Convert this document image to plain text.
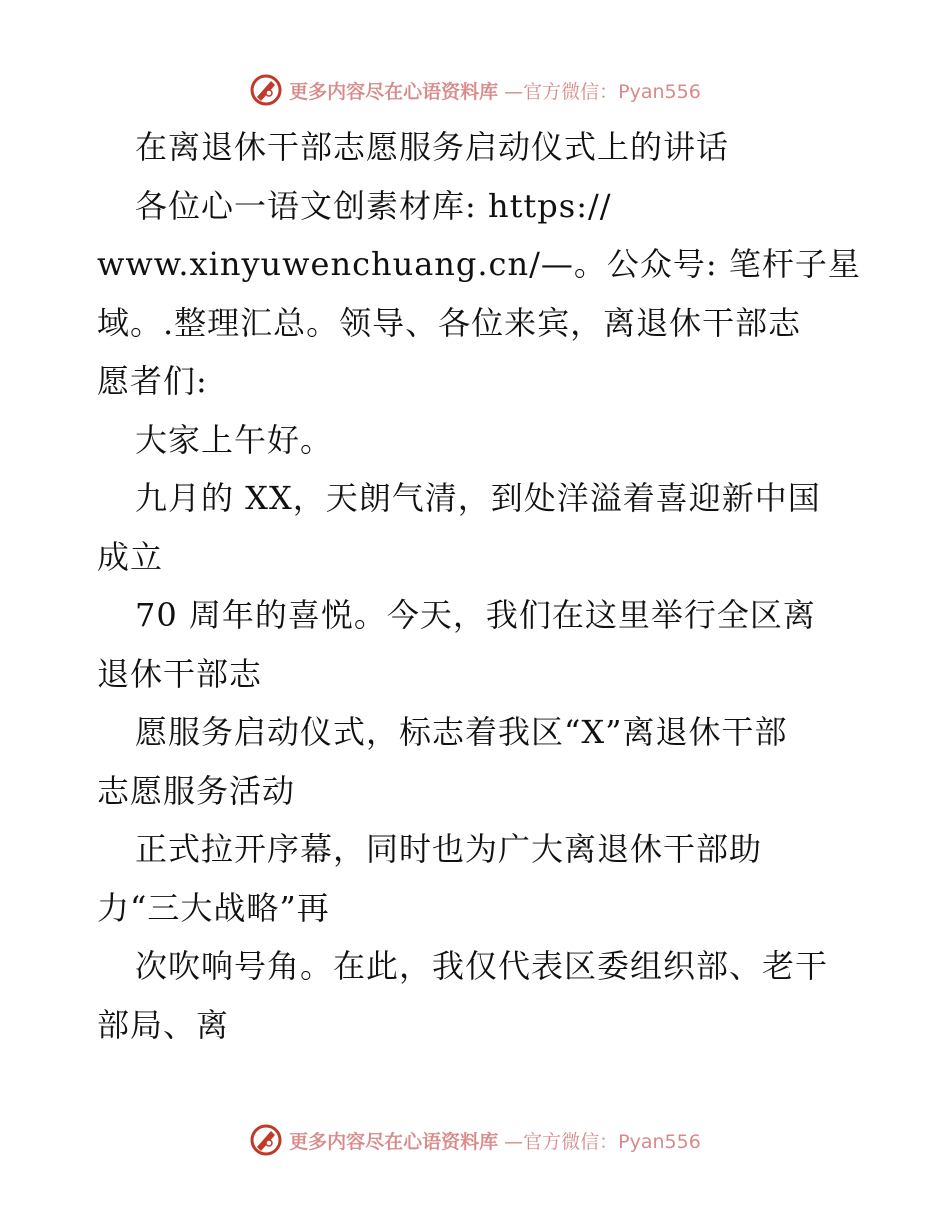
更多内容尽在心语资料库 —官方微信：Pyan556
在离退休干部志愿服务启动仪式上的讲话
各位心一语文创素材库: https://
www.xinyuwenchuang.cn/—。公众号: 笔杆子星
域。.整理汇总。领导、各位来宾，离退休干部志
愿者们:
大家上午好。
九月的 XX，天朗气清，到处洋溢着喜迎新中国
成立
70 周年的喜悦。今天，我们在这里举行全区离
退休干部志
愿服务启动仪式，标志着我区“X”离退休干部
志愿服务活动
正式拉开序幕，同时也为广大离退休干部助
力“三大战略”再
次吹响号角。在此，我仅代表区委组织部、老干
部局、离
更多内容尽在心语资料库 —官方微信：Pyan556
